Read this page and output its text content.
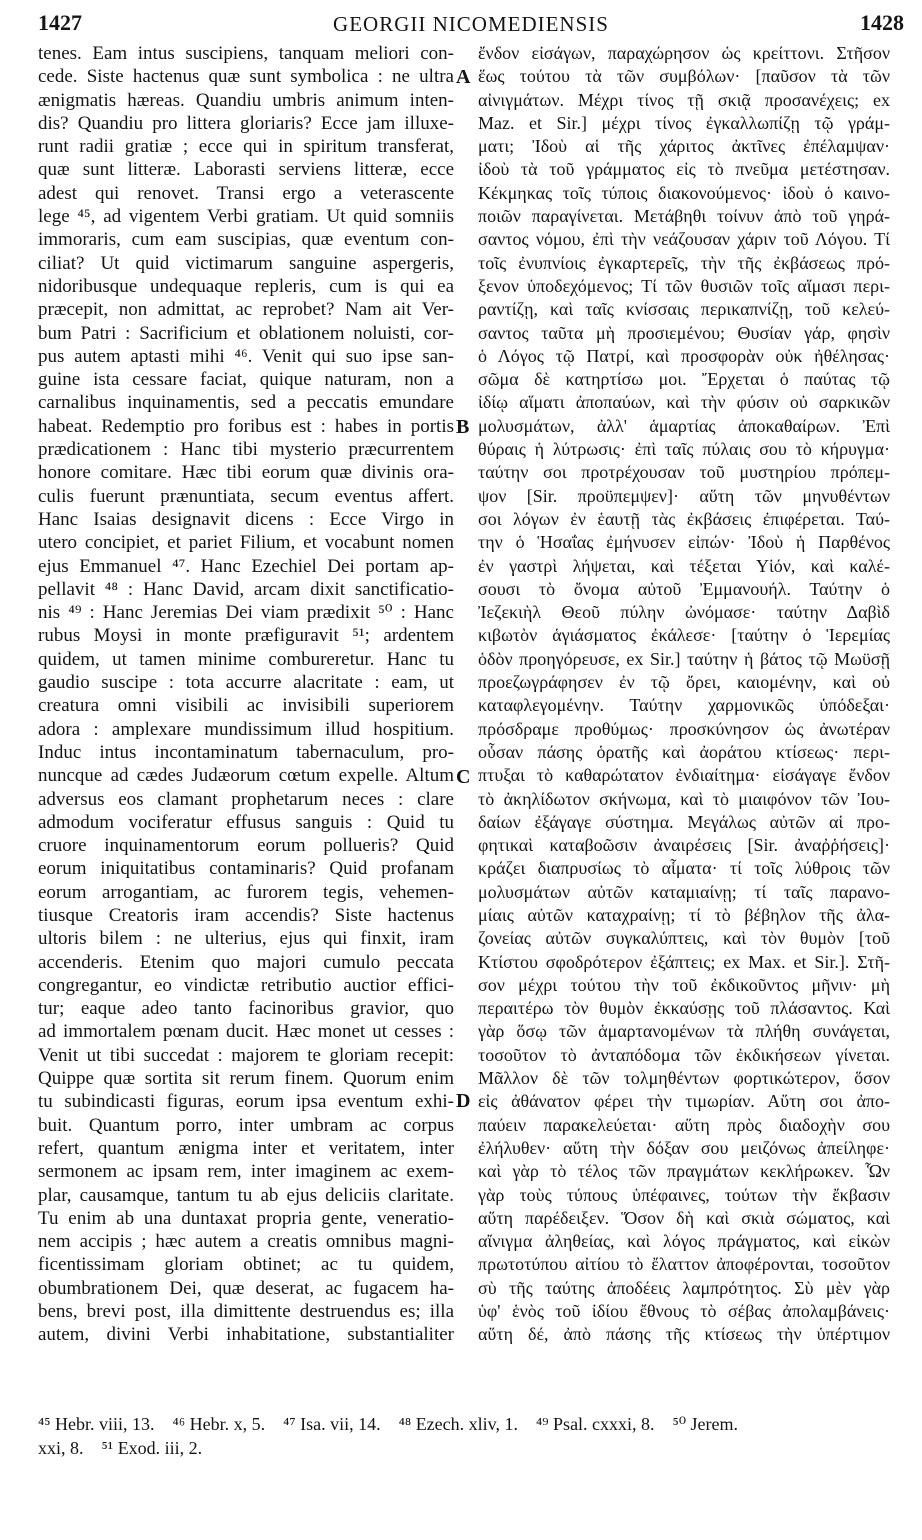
1427	GEORGII NICOMEDIENSIS	1428
tenes. Eam intus suscipiens, tanquam meliori con-
cede. Siste hactenus quæ sunt symbolica : ne ultra
ænigmatis hæreas. Quandiu umbris animum inten-
dis? Quandiu pro littera gloriaris? Ecce jam illuxe-
runt radii gratiæ ; ecce qui in spiritum transferat,
quæ sunt litteræ. Laborasti serviens litteræ, ecce
adest qui renovet. Transi ergo a veterascente
lege ⁴⁵, ad vigentem Verbi gratiam. Ut quid somniis
immoraris, cum eam suscipias, quæ eventum con-
ciliat? Ut quid victimarum sanguine aspergeris,
nidoribusque undequaque repleris, cum is qui ea
præcepit, non admittat, ac reprobet? Nam ait Ver-
bum Patri : Sacrificium et oblationem noluisti, cor-
pus autem aptasti mihi ⁴⁶. Venit qui suo ipse san-
guine ista cessare faciat, quique naturam, non a
carnalibus inquinamentis, sed a peccatis emundare
habeat. Redemptio pro foribus est : habes in portis
prædicationem : Hanc tibi mysterio præcurrentem
honore comitare. Hæc tibi eorum quæ divinis ora-
culis fuerunt prænuntiata, secum eventus affert.
Hanc Isaias designavit dicens : Ecce Virgo in
utero concipiet, et pariet Filium, et vocabunt nomen
ejus Emmanuel ⁴⁷. Hanc Ezechiel Dei portam ap-
pellavit ⁴⁸ : Hanc David, arcam dixit sanctificatio-
nis ⁴⁹ : Hanc Jeremias Dei viam prædixit ⁵⁰ : Hanc
rubus Moysi in monte præfiguravit ⁵¹; ardentem
quidem, ut tamen minime combureretur. Hanc tu
gaudio suscipe : tota accurre alacritate : eam, ut
creatura omni visibili ac invisibili superiorem
adora : amplexare mundissimum illud hospitium.
Induc intus incontaminatum tabernaculum, pro-
nuncque ad cædes Judæorum cœtum expelle. Altum
adversus eos clamant prophetarum neces : clare
admodum vociferatur effusus sanguis : Quid tu
cruore inquinamentorum eorum pollueris? Quid
eorum iniquitatibus contaminaris? Quid profanam
eorum arrogantiam, ac furorem tegis, vehemen-
tiusque Creatoris iram accendis? Siste hactenus
ultoris bilem : ne ulterius, ejus qui finxit, iram
accenderis. Etenim quo majori cumulo peccata
congregantur, eo vindictæ retributio auctior effici-
tur; eaque adeo tanto facinoribus gravior, quo
ad immortalem pœnam ducit. Hæc monet ut cesses :
Venit ut tibi succedat : majorem te gloriam recepit:
Quippe quæ sortita sit rerum finem. Quorum enim
tu subindicasti figuras, eorum ipsa eventum exhi-
buit. Quantum porro, inter umbram ac corpus
refert, quantum ænigma inter et veritatem, inter
sermonem ac ipsam rem, inter imaginem ac exem-
plar, causamque, tantum tu ab ejus deliciis claritate.
Tu enim ab una duntaxat propria gente, veneratio-
nem accipis ; hæc autem a creatis omnibus magni-
ficentissimam gloriam obtinet; ac tu quidem,
obumbrationem Dei, quæ deserat, ac fugacem ha-
bens, brevi post, illa dimittente destruendus es; illa
autem, divini Verbi inhabitatione, substantialiter
ἔνδον εἰσάγων, παραχώρησον ὡς κρείττονι. Στῆσον
ἕως τούτου τὰ τῶν συμβόλων· [παῦσον τὰ τῶν
αἰνιγμάτων. Μέχρι τίνος τῇ σκιᾷ προσανέχεις; ex
Maz. et Sir.] μέχρι τίνος ἐγκαλλωπίζῃ τῷ γράμ-
ματι; Ἰδοὺ αἱ τῆς χάριτος ἀκτῖνες ἐπέλαμψαν·
ἰδοὺ τὰ τοῦ γράμματος εἰς τὸ πνεῦμα μετέστησαν.
Κέκμηκας τοῖς τύποις διακονούμενος· ἰδοὺ ὁ καινο-
ποιῶν παραγίνεται. Μετάβηθι τοίνυν ἀπὸ τοῦ γηρά-
σαντος νόμου, ἐπὶ τὴν νεάζουσαν χάριν τοῦ Λόγου. Τί
τοῖς ἐνυπνίοις ἐγκαρτερεῖς, τὴν τῆς ἐκβάσεως πρό-
ξενον ὑποδεχόμενος; Τί τῶν θυσιῶν τοῖς αἵμασι περι-
ραντίζῃ, καὶ ταῖς κνίσσαις περικαπνίζῃ, τοῦ κελεύ-
σαντος ταῦτα μὴ προσιεμένου; Θυσίαν γάρ, φησὶν
ὁ Λόγος τῷ Πατρί, καὶ προσφορὰν οὐκ ἠθέλησας·
σῶμα δὲ κατηρτίσω μοι. Ἔρχεται ὁ παύτας τῷ
ἰδίῳ αἵματι ἀποπαύων, καὶ τὴν φύσιν οὐ σαρκικῶν
μολυσμάτων, ἀλλ' ἁμαρτίας ἀποκαθαίρων. Ἐπὶ
θύραις ἡ λύτρωσις· ἐπὶ ταῖς πύλαις σου τὸ κήρυγμα·
ταύτην σοι προτρέχουσαν τοῦ μυστηρίου πρόπεμ-
ψον [Sir. προϋπεμψεν]· αὕτη τῶν μηνυθέντων
σοι λόγων ἐν ἑαυτῇ τὰς ἐκβάσεις ἐπιφέρεται. Ταύ-
την ὁ Ἡσαΐας ἐμήνυσεν εἰπών· Ἰδοὺ ἡ Παρθένος
ἐν γαστρὶ λήψεται, καὶ τέξεται Υἱόν, καὶ καλέ-
σουσι τὸ ὄνομα αὐτοῦ Ἐμμανουήλ. Ταύτην ὁ
Ἰεζεκιὴλ Θεοῦ πύλην ὠνόμασε· ταύτην Δαβὶδ
κιβωτὸν ἁγιάσματος ἐκάλεσε· [ταύτην ὁ Ἱερεμίας
ὁδὸν προηγόρευσε, ex Sir.] ταύτην ἡ βάτος τῷ Μωϋσῇ
προεζωγράφησεν ἐν τῷ ὄρει, καιομένην, καὶ οὐ
καταφλεγομένην. Ταύτην χαρμονικῶς ὑπόδεξαι·
πρόσδραμε προθύμως· προσκύνησον ὡς ἀνωτέραν
οὖσαν πάσης ὁρατῆς καὶ ἀοράτου κτίσεως· περι-
πτυξαι τὸ καθαρώτατον ἐνδιαίτημα· εἰσάγαγε ἔνδον
τὸ ἀκηλίδωτον σκήνωμα, καὶ τὸ μιαιφόνον τῶν Ἰου-
δαίων ἐξάγαγε σύστημα. Μεγάλως αὐτῶν αἱ προ-
φητικαὶ καταβοῶσιν ἀναιρέσεις [Sir. ἀναῤῥήσεις]·
κράζει διαπρυσίως τὸ αἷματα· τί τοῖς λύθροις τῶν
μολυσμάτων αὐτῶν καταμιαίνῃ; τί ταῖς παρανο-
μίαις αὐτῶν καταχραίνῃ; τί τὸ βέβηλον τῆς ἀλα-
ζονείας αὐτῶν συγκαλύπτεις, καὶ τὸν θυμὸν [τοῦ
Κτίστου σφοδρότερον ἐξάπτεις; ex Max. et Sir.]. Στῆ-
σον μέχρι τούτου τὴν τοῦ ἐκδικοῦντος μῆνιν· μὴ
περαιτέρω τὸν θυμὸν ἐκκαύσῃς τοῦ πλάσαντος. Καὶ
γὰρ ὅσῳ τῶν ἁμαρτανομένων τὰ πλήθη συνάγεται,
τοσοῦτον τὸ ἀνταπόδομα τῶν ἐκδικήσεων γίνεται.
Μᾶλλον δὲ τῶν τολμηθέντων φορτικώτερον, ὅσον
εἰς ἀθάνατον φέρει τὴν τιμωρίαν. Αὕτη σοι ἀπο-
παύειν παρακελεύεται· αὕτη πρὸς διαδοχὴν σου
ἐλήλυθεν· αὕτη τὴν δόξαν σου μειζόνως ἀπείληφε·
καὶ γὰρ τὸ τέλος τῶν πραγμάτων κεκλήρωκεν. Ὧν
γὰρ τοὺς τύπους ὑπέφαινες, τούτων τὴν ἔκβασιν
αὕτη παρέδειξεν. Ὅσον δὴ καὶ σκιὰ σώματος, καὶ
αἴνιγμα ἀληθείας, καὶ λόγος πράγματος, καὶ εἰκὼν
πρωτοτύπου αἰτίου τὸ ἔλαττον ἀποφέρονται, τοσοῦτον
σὺ τῆς ταύτης ἀποδέεις λαμπρότητος. Σὺ μὲν γὰρ
ὑφ' ἑνὸς τοῦ ἰδίου ἔθνους τὸ σέβας ἀπολαμβάνεις·
αὕτη δέ, ἀπὸ πάσης τῆς κτίσεως τὴν ὑπέρτιμον
A
B
C
D
⁴⁵ Hebr. viii, 13. ⁴⁶ Hebr. x, 5. ⁴⁷ Isa. vii, 14. ⁴⁸ Ezech. xliv, 1. ⁴⁹ Psal. cxxxi, 8. ⁵⁰ Jerem.
xxi, 8. ⁵¹ Exod. iii, 2.
